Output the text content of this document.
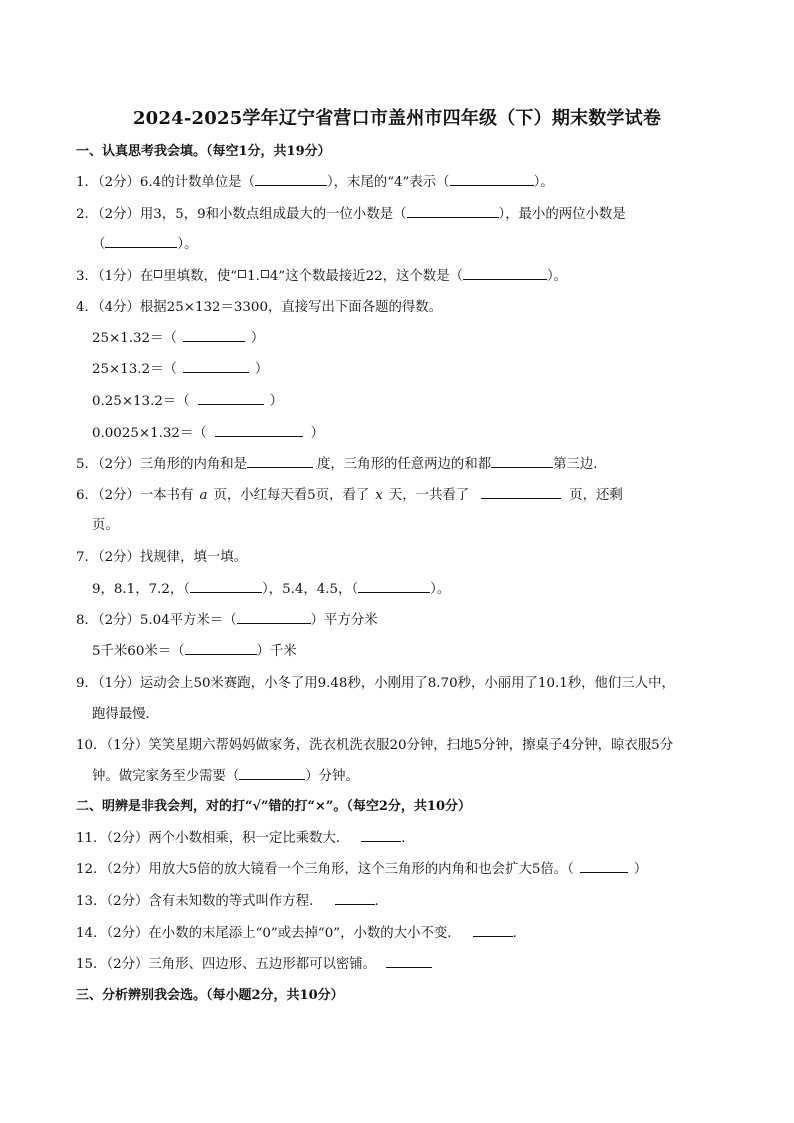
2024-2025学年辽宁省营口市盖州市四年级（下）期末数学试卷
一、认真思考我会填。（每空1分，共19分）
1．（2分）6.4的计数单位是（	），末尾的“4”表示（	）。
2．（2分）用3，5，9和小数点组成最大的一位小数是（	），最小的两位小数是
（	）。
3．（1分）在 里填数，使“ 1. 4”这个数最接近22，这个数是（	）。
4．（4分）根据25×132＝3300，直接写出下面各题的得数。
25×1.32＝（	）
25×13.2＝（	）
0.25×13.2＝（	）
0.0025×1.32＝（	）
5．（2分）三角形的内角和是	度，三角形的任意两边的和都	第三边．
6．（2分）一本书有 a 页，小红每天看5页，看了 x 天，一共看了	页，还剩
页。
7．（2分）找规律，填一填。
9，8.1，7.2，（	），5.4，4.5，（	）。
8．（2分）5.04平方米＝（	）平方分米
5千米60米＝（	）千米
9．（1分）运动会上50米赛跑，小冬了用9.48秒，小刚用了8.70秒，小丽用了10.1秒，他们三人中，
跑得最慢．
10．（1分）笑笑星期六帮妈妈做家务，洗衣机洗衣服20分钟，扫地5分钟，擦桌子4分钟，晾衣服5分
钟。做完家务至少需要（	）分钟。
二、明辨是非我会判，对的打“√”错的打“×”。（每空2分，共10分）
11．（2分）两个小数相乘，积一定比乘数大．	．
12．（2分）用放大5倍的放大镜看一个三角形，这个三角形的内角和也会扩大5倍。（	）
13．（2分）含有未知数的等式叫作方程．	．
14．（2分）在小数的末尾添上“0”或去掉“0”，小数的大小不变．	．
15．（2分）三角形、四边形、五边形都可以密铺。
三、分析辨别我会选。（每小题2分，共10分）
